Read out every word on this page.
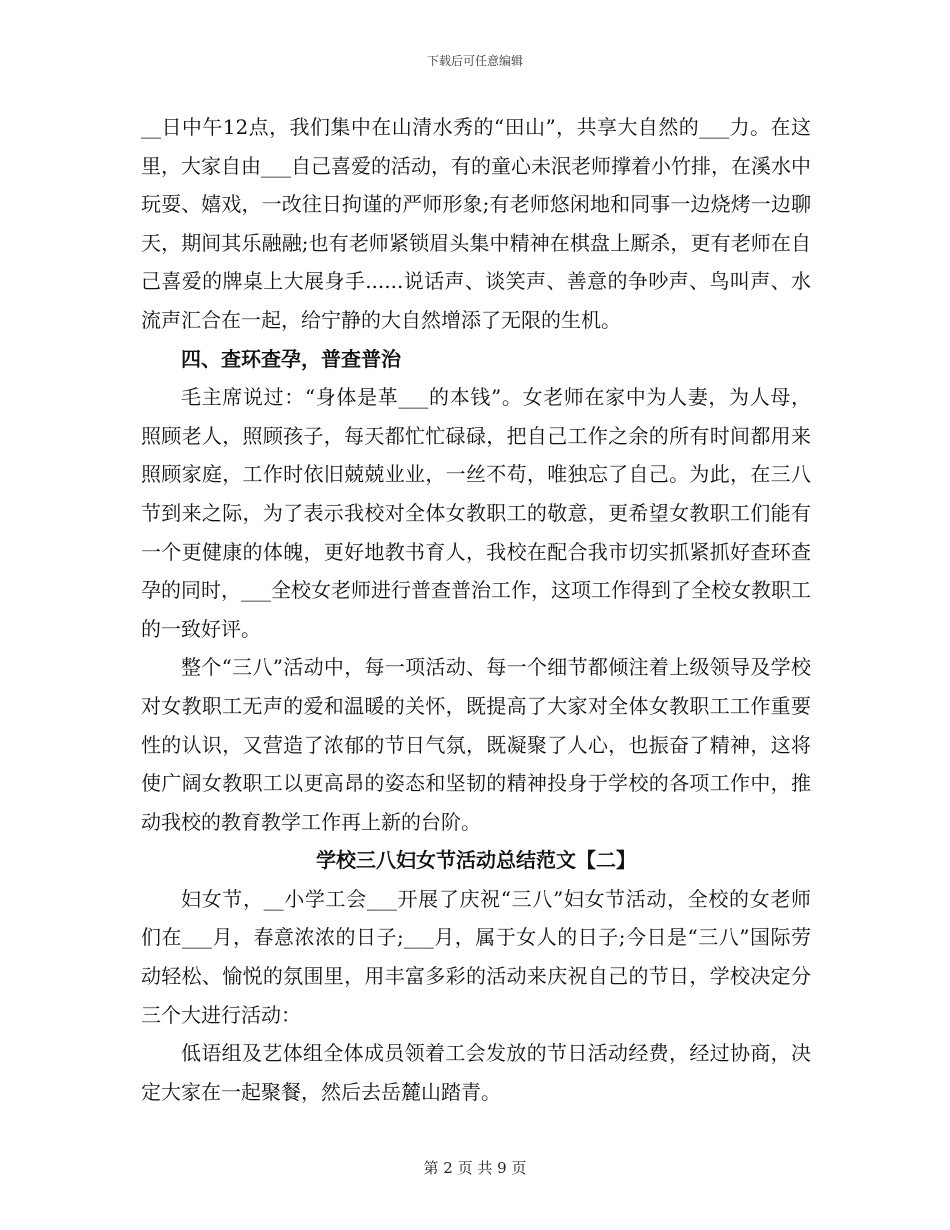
下载后可任意编辑

__日中午12点，我们集中在山清水秀的“田山”，共享大自然的___力。在这里，大家自由___自己喜爱的活动，有的童心未泯老师撑着小竹排，在溪水中玩耍、嬉戏，一改往日拘谨的严师形象;有老师悠闲地和同事一边烧烤一边聊天，期间其乐融融;也有老师紧锁眉头集中精神在棋盘上厮杀，更有老师在自己喜爱的牌桌上大展身手......说话声、谈笑声、善意的争吵声、鸟叫声、水流声汇合在一起，给宁静的大自然增添了无限的生机。

四、查环查孕，普查普治

毛主席说过：“身体是革___的本钱”。女老师在家中为人妻，为人母，照顾老人，照顾孩子，每天都忙忙碌碌，把自己工作之余的所有时间都用来照顾家庭，工作时依旧兢兢业业，一丝不苟，唯独忘了自己。为此，在三八节到来之际，为了表示我校对全体女教职工的敬意，更希望女教职工们能有一个更健康的体魄，更好地教书育人，我校在配合我市切实抓紧抓好查环查孕的同时，___全校女老师进行普查普治工作，这项工作得到了全校女教职工的一致好评。

整个“三八”活动中，每一项活动、每一个细节都倾注着上级领导及学校对女教职工无声的爱和温暖的关怀，既提高了大家对全体女教职工工作重要性的认识，又营造了浓郁的节日气氛，既凝聚了人心，也振奋了精神，这将使广阔女教职工以更高昂的姿态和坚韧的精神投身于学校的各项工作中，推动我校的教育教学工作再上新的台阶。

学校三八妇女节活动总结范文【二】

妇女节，__小学工会___开展了庆祝“三八”妇女节活动，全校的女老师们在___月，春意浓浓的日子;___月，属于女人的日子;今日是“三八”国际劳动轻松、愉悦的氛围里，用丰富多彩的活动来庆祝自己的节日，学校决定分三个大进行活动：

低语组及艺体组全体成员领着工会发放的节日活动经费，经过协商，决定大家在一起聚餐，然后去岳麓山踏青。

第 2 页 共 9 页
